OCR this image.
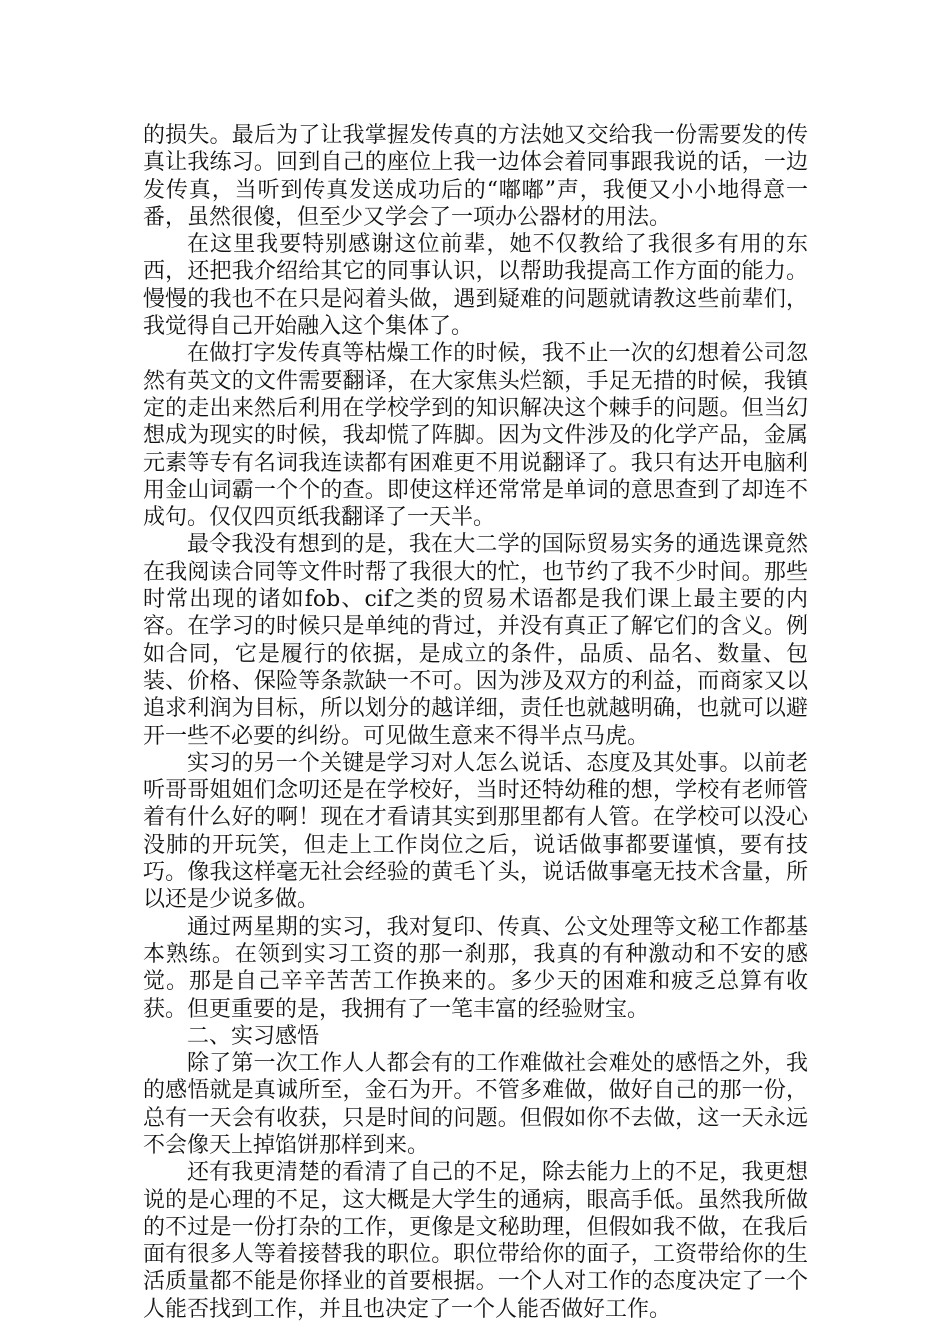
的损失。最后为了让我掌握发传真的方法她又交给我一份需要发的传真让我练习。回到自己的座位上我一边体会着同事跟我说的话，一边发传真，当听到传真发送成功后的“嘟嘟”声，我便又小小地得意一番，虽然很傻，但至少又学会了一项办公器材的用法。

在这里我要特别感谢这位前辈，她不仅教给了我很多有用的东西，还把我介绍给其它的同事认识，以帮助我提高工作方面的能力。慢慢的我也不在只是闷着头做，遇到疑难的问题就请教这些前辈们，我觉得自己开始融入这个集体了。

在做打字发传真等枯燥工作的时候，我不止一次的幻想着公司忽然有英文的文件需要翻译，在大家焦头烂额，手足无措的时候，我镇定的走出来然后利用在学校学到的知识解决这个棘手的问题。但当幻想成为现实的时候，我却慌了阵脚。因为文件涉及的化学产品，金属元素等专有名词我连读都有困难更不用说翻译了。我只有达开电脑利用金山词霸一个个的查。即使这样还常常是单词的意思查到了却连不成句。仅仅四页纸我翻译了一天半。

最令我没有想到的是，我在大二学的国际贸易实务的通选课竟然在我阅读合同等文件时帮了我很大的忙，也节约了我不少时间。那些时常出现的诸如fob、cif之类的贸易术语都是我们课上最主要的内容。在学习的时候只是单纯的背过，并没有真正了解它们的含义。例如合同，它是履行的依据，是成立的条件，品质、品名、数量、包装、价格、保险等条款缺一不可。因为涉及双方的利益，而商家又以追求利润为目标，所以划分的越详细，责任也就越明确，也就可以避开一些不必要的纠纷。可见做生意来不得半点马虎。

实习的另一个关键是学习对人怎么说话、态度及其处事。以前老听哥哥姐姐们念叨还是在学校好，当时还特幼稚的想，学校有老师管着有什么好的啊！现在才看请其实到那里都有人管。在学校可以没心没肺的开玩笑，但走上工作岗位之后，说话做事都要谨慎，要有技巧。像我这样毫无社会经验的黄毛丫头，说话做事毫无技术含量，所以还是少说多做。

通过两星期的实习，我对复印、传真、公文处理等文秘工作都基本熟练。在领到实习工资的那一刹那，我真的有种激动和不安的感觉。那是自己辛辛苦苦工作换来的。多少天的困难和疲乏总算有收获。但更重要的是，我拥有了一笔丰富的经验财宝。

二、实习感悟

除了第一次工作人人都会有的工作难做社会难处的感悟之外，我的感悟就是真诚所至，金石为开。不管多难做，做好自己的那一份，总有一天会有收获，只是时间的问题。但假如你不去做，这一天永远不会像天上掉馅饼那样到来。

还有我更清楚的看清了自己的不足，除去能力上的不足，我更想说的是心理的不足，这大概是大学生的通病，眼高手低。虽然我所做的不过是一份打杂的工作，更像是文秘助理，但假如我不做，在我后面有很多人等着接替我的职位。职位带给你的面子，工资带给你的生活质量都不能是你择业的首要根据。一个人对工作的态度决定了一个人能否找到工作，并且也决定了一个人能否做好工作。
